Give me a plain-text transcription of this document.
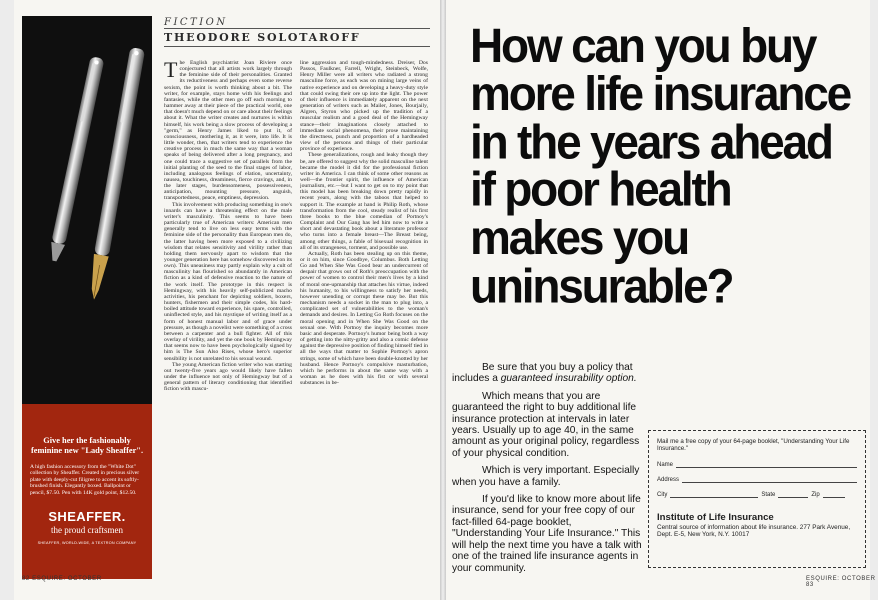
Give her the fashionably feminine new "Lady Sheaffer".
A high fashion accessory from the "White Dot" collection by Sheaffer. Created in precious silver plate with deeply-cut filigree to accent its softly-brushed finish. Elegantly boxed. Ballpoint or pencil, $7.50. Pen with 14K gold point, $12.50.
SHEAFFER.
the proud craftsmen
SHEAFFER, WORLD-WIDE, A TEXTRON COMPANY
FICTION
THEODORE SOLOTAROFF

The English psychiatrist Joan Riviere once conjectured that all artists work largely through the feminine side of their personalities. Granted its reductiveness and perhaps even some reverse sexism, the point is worth thinking about a bit. The writer, for example, stays home with his feelings and fantasies, while the other men go off each morning to hammer away at their piece of the practical world, one that doesn't much depend on or care about their feelings about it. What the writer creates and nurtures is within himself, his work being a slow process of developing a "germ," as Henry James liked to put it, of consciousness, mothering it, as it were, into life. It is little wonder, then, that writers tend to experience the creative process in much the same way that a woman speaks of being delivered after a long pregnancy, and one could trace a suggestive set of parallels from the initial planting of the seed to the final stages of labor, including analogous feelings of elation, uncertainty, nausea, touchiness, dreaminess, fierce cravings, and, in the later stages, burdensomeness, possessiveness, anticipation, mounting pressure, anguish, transportedness, peace, emptiness, depression.

This involvement with producing something in one's innards can have a threatening effect on the male writer's masculinity. This seems to have been particularly true of American writers: American men generally tend to live on less easy terms with the feminine side of the personality than European men do, the latter having been more exposed to a civilizing wisdom that relates sensitivity and virility rather than holding them nervously apart to wisdom that the younger generation here has somehow discovered on its own). This uneasiness may partly explain why a cult of masculinity has flourished so abundantly in American fiction as a kind of defensive reaction to the nature of the work itself. The prototype in this respect is Hemingway, with his heavily self-publicized macho activities, his penchant for depicting soldiers, boxers, hunters, fishermen and their simple codes, his hard-boiled attitude toward experience, his spare, controlled, uninflected style, and his mystique of writing itself as a form of honest manual labor and of grace under pressure, as though a novelist were something of a cross between a carpenter and a bull fighter. All of this overlay of virility, and yet the one book by Hemingway that seems now to have been psychologically signed by him is The Sun Also Rises, whose hero's superior sensibility is not unrelated to his sexual wound.

The young American fiction writer who was starting out twenty-five years ago would likely have fallen under the influence not only of Hemingway but of a general pattern of literary conditioning that identified fiction with mascu-

line aggression and tough-mindedness. Dreiser, Dos Passos, Faulkner, Farrell, Wright, Steinbeck, Wolfe, Henry Miller were all writers who radiated a strong masculine force, as each was on mining large veins of native experience and on developing a heavy-duty style that could swing their ore up into the light. The power of their influence is immediately apparent on the next generation of writers such as Mailer, Jones, Bourjaily, Algren, Styron who picked up the tradition of a muscular realism and a good deal of the Hemingway stance—their imaginations closely attached to immediate social phenomena, their prose maintaining the directness, punch and proportion of a hardheaded view of the persons and things of their particular province of experience.

These generalizations, rough and leaky though they be, are offered to suggest why the solid masculine talent became the model it did for the professional fiction writer in America. I can think of some other reasons as well—the frontier spirit, the influence of American journalism, etc.—but I want to get on to my point that this model has been breaking down pretty rapidly in recent years, along with the taboos that helped to support it. The example at hand is Philip Roth, whose transformation from the cool, steady realist of his first three books to the blue comedian of Portnoy's Complaint and Our Gang has led him now to write a short and devastating book about a literature professor who turns into a female breast—The Breast being, among other things, a fable of bisexual recognition in all of its strangeness, torment, and possible use.

Actually, Roth has been stealing up on this theme, or it on him, since Goodbye, Columbus. Both Letting Go and When She Was Good bear an undercurrent of despair that grows out of Roth's preoccupation with the power of women to control their men's lives by a kind of moral one-upmanship that attaches his virtue, indeed his humanity, to his willingness to satisfy her needs, however unending or corrupt these may be. But this mechanism needs a socket in the man to plug into, a complicated set of vulnerabilities to the woman's demands and desires. In Letting Go Roth focuses on the moral opening and in When She Was Good on the sexual one. With Portnoy the inquiry becomes more basic and desperate. Portnoy's humor being both a way of getting into the nitty-gritty and also a comic defense against the depressive position of finding himself tied in all the ways that matter to Sophie Portnoy's apron strings, some of which have been double-knotted by her husband. Hence Portnoy's compulsive masturbation, which he performs in about the same way with a woman as he does with his fist or with several substances in be-

82 ESQUIRE: OCTOBER
How can you buy
more life insurance
in the years ahead
if poor health
makes you
uninsurable?

Be sure that you buy a policy that includes a guaranteed insurability option.

Which means that you are guaranteed the right to buy additional life insurance protection at intervals in later years. Usually up to age 40, in the same amount as your original policy, regardless of your physical condition.

Which is very important. Especially when you have a family.

If you'd like to know more about life insurance, send for your free copy of our fact-filled 64-page booklet, "Understanding Your Life Insurance." This will help the next time you have a talk with one of the trained life insurance agents in your community.

Mail me a free copy of your 64-page booklet, "Understanding Your Life Insurance."
Name
Address
City	State	Zip
Institute of Life Insurance
Central source of information about life insurance. 277 Park Avenue, Dept. E-5, New York, N.Y. 10017
ESQUIRE: OCTOBER 83
